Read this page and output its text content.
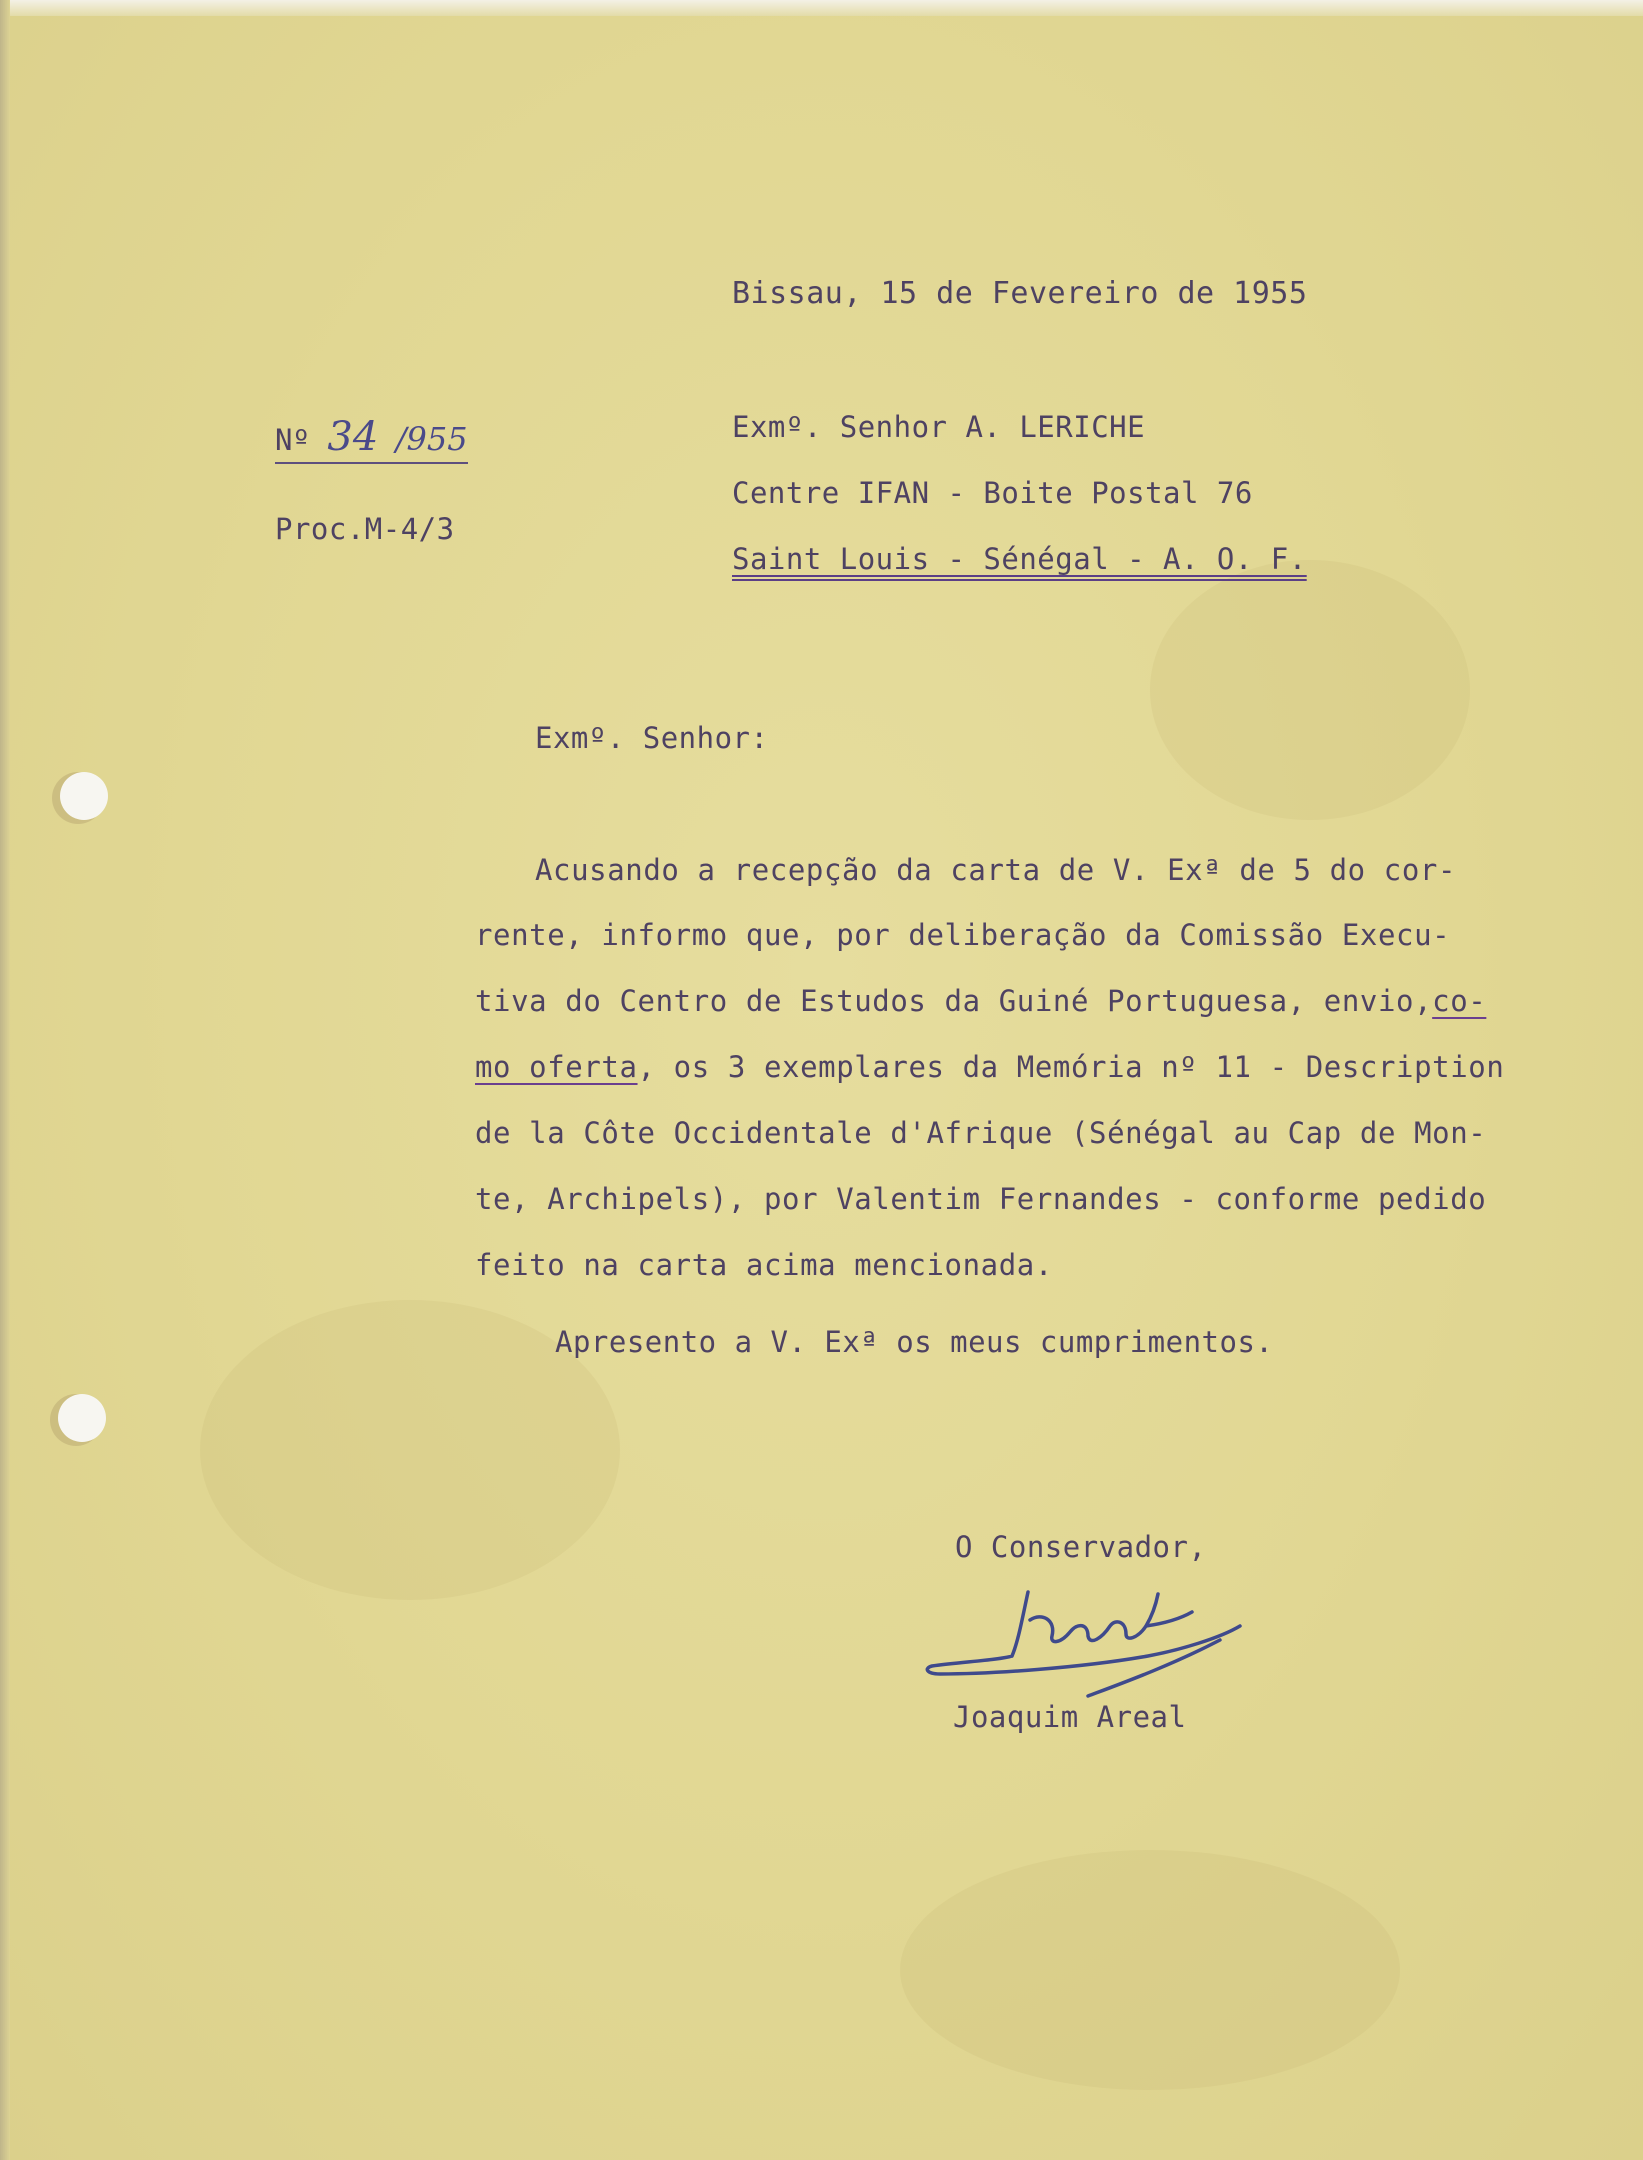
Bissau, 15 de Fevereiro de 1955
Nº 34 /955
Proc.M-4/3
Exmº. Senhor A. LERICHE
Centre IFAN - Boite Postal 76
Saint Louis - Sénégal - A. O. F.
Exmº. Senhor:
Acusando a recepção da carta de V. Exª de 5 do cor-
rente, informo que, por deliberação da Comissão Execu-
tiva do Centro de Estudos da Guiné Portuguesa, envio,co-
mo oferta, os 3 exemplares da Memória nº 11 - Description
de la Côte Occidentale d'Afrique (Sénégal au Cap de Mon-
te, Archipels), por Valentim Fernandes - conforme pedido
feito na carta acima mencionada.
Apresento a V. Exª os meus cumprimentos.
O Conservador,
Joaquim Areal
